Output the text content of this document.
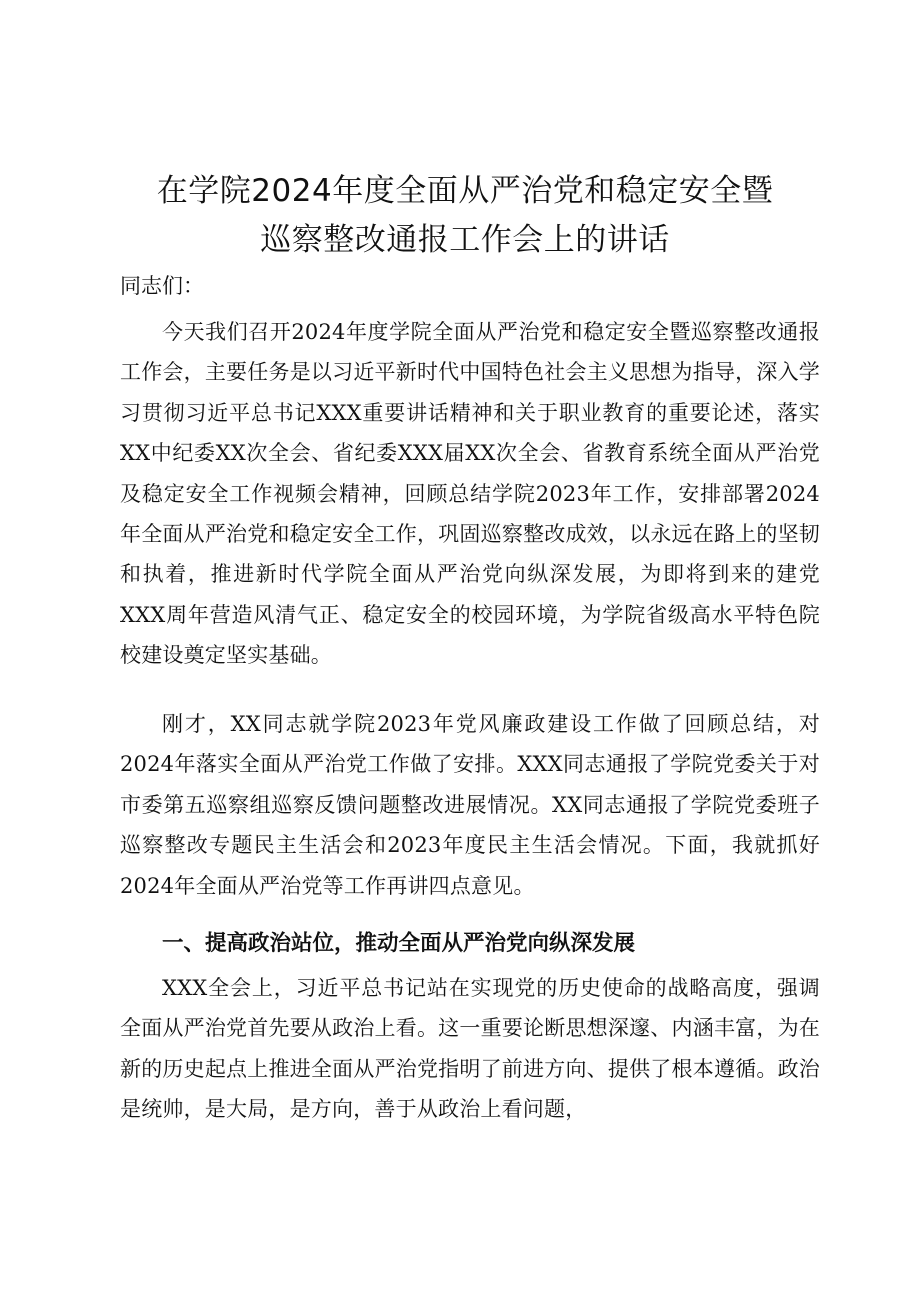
在学院2024年度全面从严治党和稳定安全暨
巡察整改通报工作会上的讲话

同志们：

今天我们召开2024年度学院全面从严治党和稳定安全暨巡察整改通报工作会，主要任务是以习近平新时代中国特色社会主义思想为指导，深入学习贯彻习近平总书记XXX重要讲话精神和关于职业教育的重要论述，落实XX中纪委XX次全会、省纪委XXX届XX次全会、省教育系统全面从严治党及稳定安全工作视频会精神，回顾总结学院2023年工作，安排部署2024年全面从严治党和稳定安全工作，巩固巡察整改成效，以永远在路上的坚韧和执着，推进新时代学院全面从严治党向纵深发展，为即将到来的建党XXX周年营造风清气正、稳定安全的校园环境，为学院省级高水平特色院校建设奠定坚实基础。

刚才，XX同志就学院2023年党风廉政建设工作做了回顾总结，对2024年落实全面从严治党工作做了安排。XXX同志通报了学院党委关于对市委第五巡察组巡察反馈问题整改进展情况。XX同志通报了学院党委班子巡察整改专题民主生活会和2023年度民主生活会情况。下面，我就抓好2024年全面从严治党等工作再讲四点意见。

一、提高政治站位，推动全面从严治党向纵深发展

XXX全会上，习近平总书记站在实现党的历史使命的战略高度，强调全面从严治党首先要从政治上看。这一重要论断思想深邃、内涵丰富，为在新的历史起点上推进全面从严治党指明了前进方向、提供了根本遵循。政治是统帅，是大局，是方向，善于从政治上看问题，
